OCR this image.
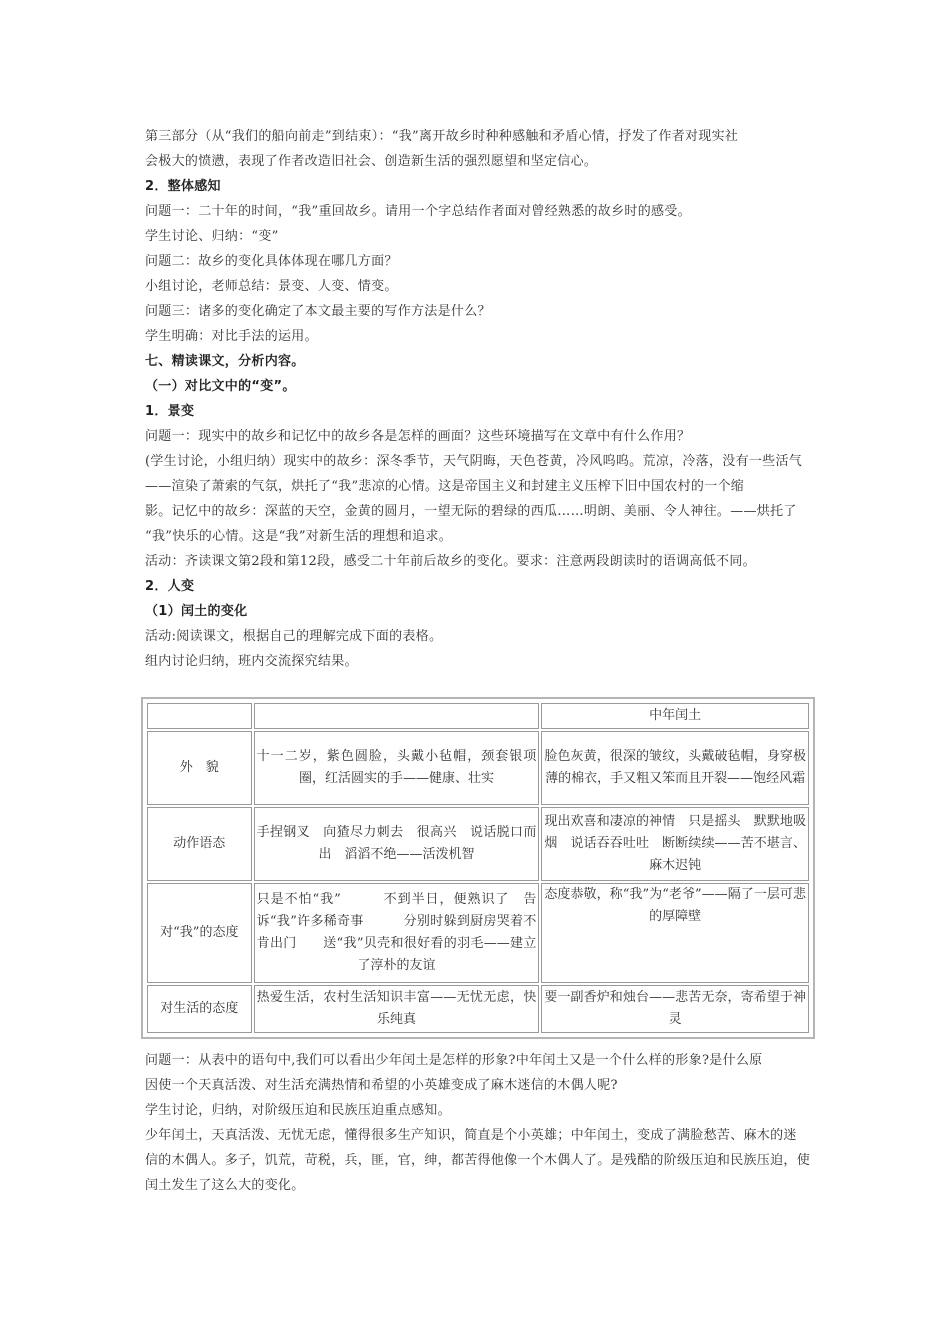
第三部分（从“我们的船向前走”到结束）：“我”离开故乡时种种感触和矛盾心情，抒发了作者对现实社
会极大的愤懑，表现了作者改造旧社会、创造新生活的强烈愿望和坚定信心。
2．整体感知
问题一：二十年的时间，“我”重回故乡。请用一个字总结作者面对曾经熟悉的故乡时的感受。
学生讨论、归纳：“变”
问题二：故乡的变化具体体现在哪几方面？
小组讨论，老师总结：景变、人变、情变。
问题三：诸多的变化确定了本文最主要的写作方法是什么？
学生明确：对比手法的运用。
七、精读课文，分析内容。
（一）对比文中的“变”。
1．景变
问题一：现实中的故乡和记忆中的故乡各是怎样的画面？这些环境描写在文章中有什么作用？
(学生讨论，小组归纳）现实中的故乡：深冬季节，天气阴晦，天色苍黄，冷风呜呜。荒凉，冷落，没有一些活气
——渲染了萧索的气氛，烘托了“我”悲凉的心情。这是帝国主义和封建主义压榨下旧中国农村的一个缩
影。记忆中的故乡：深蓝的天空，金黄的圆月，一望无际的碧绿的西瓜……明朗、美丽、令人神往。——烘托了
“我”快乐的心情。这是“我”对新生活的理想和追求。
活动：齐读课文第2段和第12段，感受二十年前后故乡的变化。要求：注意两段朗读时的语调高低不同。
2．人变
（1）闰土的变化
活动:阅读课文，根据自己的理解完成下面的表格。
组内讨论归纳，班内交流探究结果。
		中年闰土
外　貌	十一二岁，紫色圆脸，头戴小毡帽，颈套银项圈，红活圆实的手——健康、壮实	脸色灰黄，很深的皱纹，头戴破毡帽，身穿极薄的棉衣，手又粗又笨而且开裂——饱经风霜
动作语态	手捏钢叉　向猹尽力刺去　很高兴　说话脱口而出　滔滔不绝——活泼机智	现出欢喜和凄凉的神情　只是摇头　默默地吸烟　说话吞吞吐吐　断断续续——苦不堪言、麻木迟钝
对“我”的态度	只是不怕“我”　　　不到半日，便熟识了　告诉“我”许多稀奇事　　　分别时躲到厨房哭着不肯出门　　送“我”贝壳和很好看的羽毛——建立了淳朴的友谊	态度恭敬，称“我”为“老爷”——隔了一层可悲的厚障壁
对生活的态度	热爱生活，农村生活知识丰富——无忧无虑，快乐纯真	要一副香炉和烛台——悲苦无奈，寄希望于神灵
问题一：从表中的语句中,我们可以看出少年闰土是怎样的形象?中年闰土又是一个什么样的形象?是什么原
因使一个天真活泼、对生活充满热情和希望的小英雄变成了麻木迷信的木偶人呢?
学生讨论，归纳，对阶级压迫和民族压迫重点感知。
少年闰土，天真活泼、无忧无虑，懂得很多生产知识，简直是个小英雄；中年闰土，变成了满脸愁苦、麻木的迷
信的木偶人。多子，饥荒，苛税，兵，匪，官，绅，都苦得他像一个木偶人了。是残酷的阶级压迫和民族压迫，使
闰土发生了这么大的变化。
